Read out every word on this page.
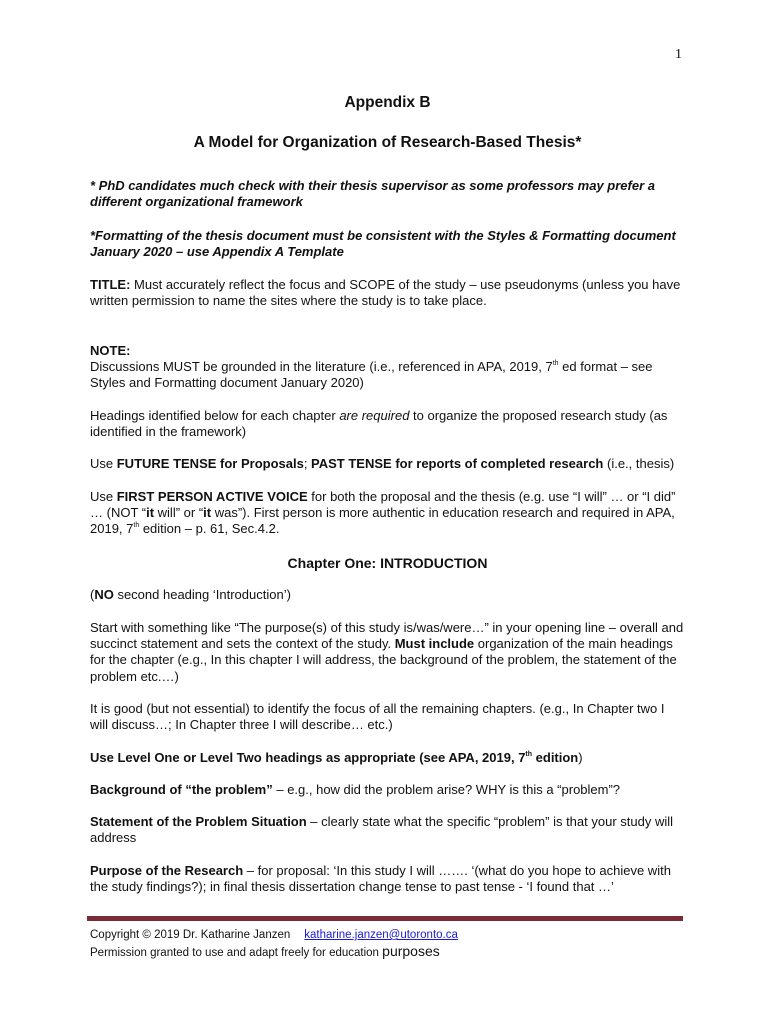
1
Appendix B
A Model for Organization of Research-Based Thesis*

* PhD candidates much check with their thesis supervisor as some professors may prefer a different organizational framework

*Formatting of the thesis document must be consistent with the Styles & Formatting document January 2020 – use Appendix A Template

TITLE: Must accurately reflect the focus and SCOPE of the study – use pseudonyms (unless you have written permission to name the sites where the study is to take place.

NOTE:

Discussions MUST be grounded in the literature (i.e., referenced in APA, 2019, 7th ed format – see Styles and Formatting document January 2020)

Headings identified below for each chapter are required to organize the proposed research study (as identified in the framework)

Use FUTURE TENSE for Proposals; PAST TENSE for reports of completed research (i.e., thesis)

Use FIRST PERSON ACTIVE VOICE for both the proposal and the thesis (e.g. use “I will” … or “I did” … (NOT “it will” or “it was”). First person is more authentic in education research and required in APA, 2019, 7th edition – p. 61, Sec.4.2.

Chapter One: INTRODUCTION

(NO second heading ‘Introduction’)

Start with something like “The purpose(s) of this study is/was/were…” in your opening line – overall and succinct statement and sets the context of the study. Must include organization of the main headings for the chapter (e.g., In this chapter I will address, the background of the problem, the statement of the problem etc.…)

It is good (but not essential) to identify the focus of all the remaining chapters. (e.g., In Chapter two I will discuss…; In Chapter three I will describe… etc.)

Use Level One or Level Two headings as appropriate (see APA, 2019, 7th edition)

Background of “the problem” – e.g., how did the problem arise? WHY is this a “problem”?

Statement of the Problem Situation – clearly state what the specific “problem” is that your study will address

Purpose of the Research – for proposal: ‘In this study I will ……. ‘(what do you hope to achieve with the study findings?); in final thesis dissertation change tense to past tense - ‘I found that …’

Copyright © 2019 Dr. Katharine Janzen katharine.janzen@utoronto.ca
Permission granted to use and adapt freely for education purposes
